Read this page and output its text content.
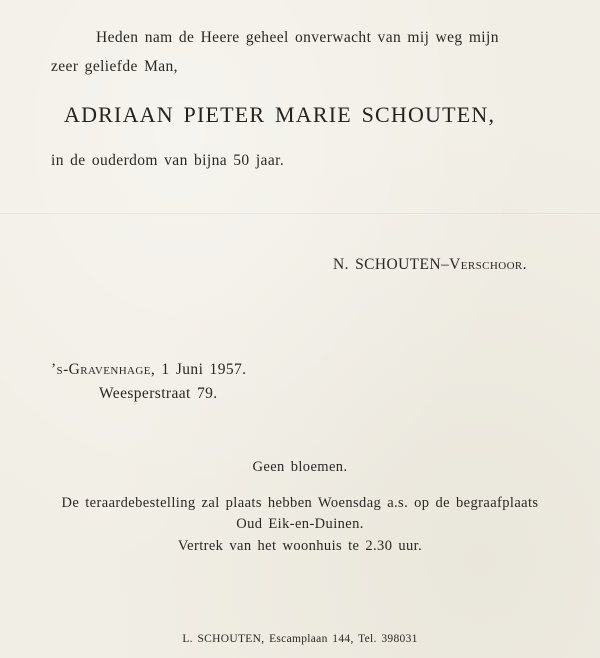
Heden nam de Heere geheel onverwacht van mij weg mijn
zeer geliefde Man,
ADRIAAN PIETER MARIE SCHOUTEN,
in de ouderdom van bijna 50 jaar.
N. SCHOUTEN–Verschoor.
’s-Gravenhage, 1 Juni 1957.
Weesperstraat 79.
Geen bloemen.
De teraardebestelling zal plaats hebben Woensdag a.s. op de begraafplaats
Oud Eik-en-Duinen.
Vertrek van het woonhuis te 2.30 uur.
L. SCHOUTEN, Escamplaan 144, Tel. 398031
